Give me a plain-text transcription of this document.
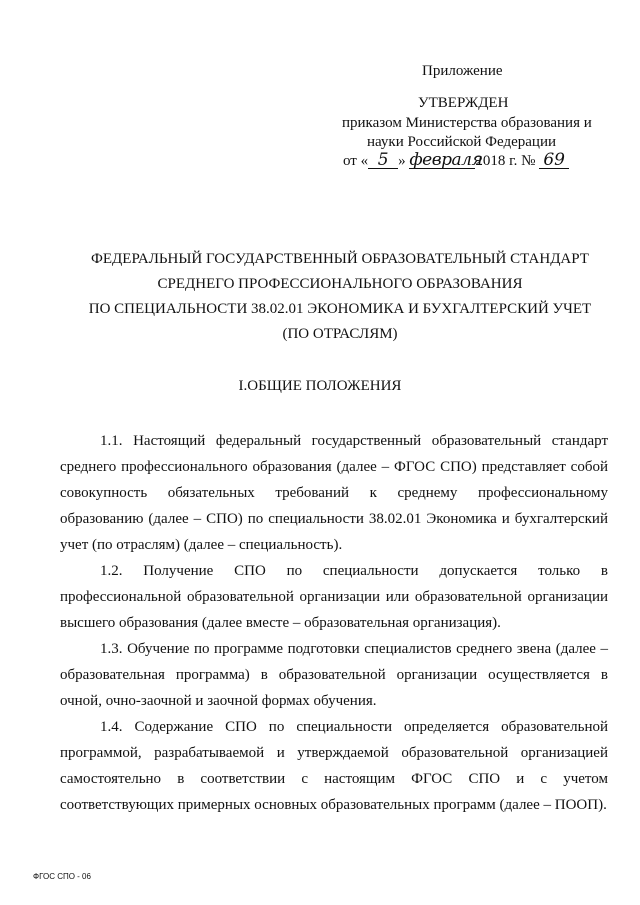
Приложение
УТВЕРЖДЕН
приказом Министерства образования и
науки Российской Федерации
от « 5 » февраля2018 г. № 69
ФЕДЕРАЛЬНЫЙ ГОСУДАРСТВЕННЫЙ ОБРАЗОВАТЕЛЬНЫЙ СТАНДАРТ
СРЕДНЕГО ПРОФЕССИОНАЛЬНОГО ОБРАЗОВАНИЯ
ПО СПЕЦИАЛЬНОСТИ 38.02.01 ЭКОНОМИКА И БУХГАЛТЕРСКИЙ УЧЕТ
(ПО ОТРАСЛЯМ)
I.ОБЩИЕ ПОЛОЖЕНИЯ

1.1. Настоящий федеральный государственный образовательный стандарт среднего профессионального образования (далее – ФГОС СПО) представляет собой совокупность обязательных требований к среднему профессиональному образованию (далее – СПО) по специальности 38.02.01 Экономика и бухгалтерский учет (по отраслям) (далее – специальность).

1.2. Получение СПО по специальности допускается только в профессиональной образовательной организации или образовательной организации высшего образования (далее вместе – образовательная организация).

1.3. Обучение по программе подготовки специалистов среднего звена (далее – образовательная программа) в образовательной организации осуществляется в очной, очно-заочной и заочной формах обучения.

1.4. Содержание СПО по специальности определяется образовательной программой, разрабатываемой и утверждаемой образовательной организацией самостоятельно в соответствии с настоящим ФГОС СПО и с учетом соответствующих примерных основных образовательных программ (далее – ПООП).

ФГОС СПО - 06
